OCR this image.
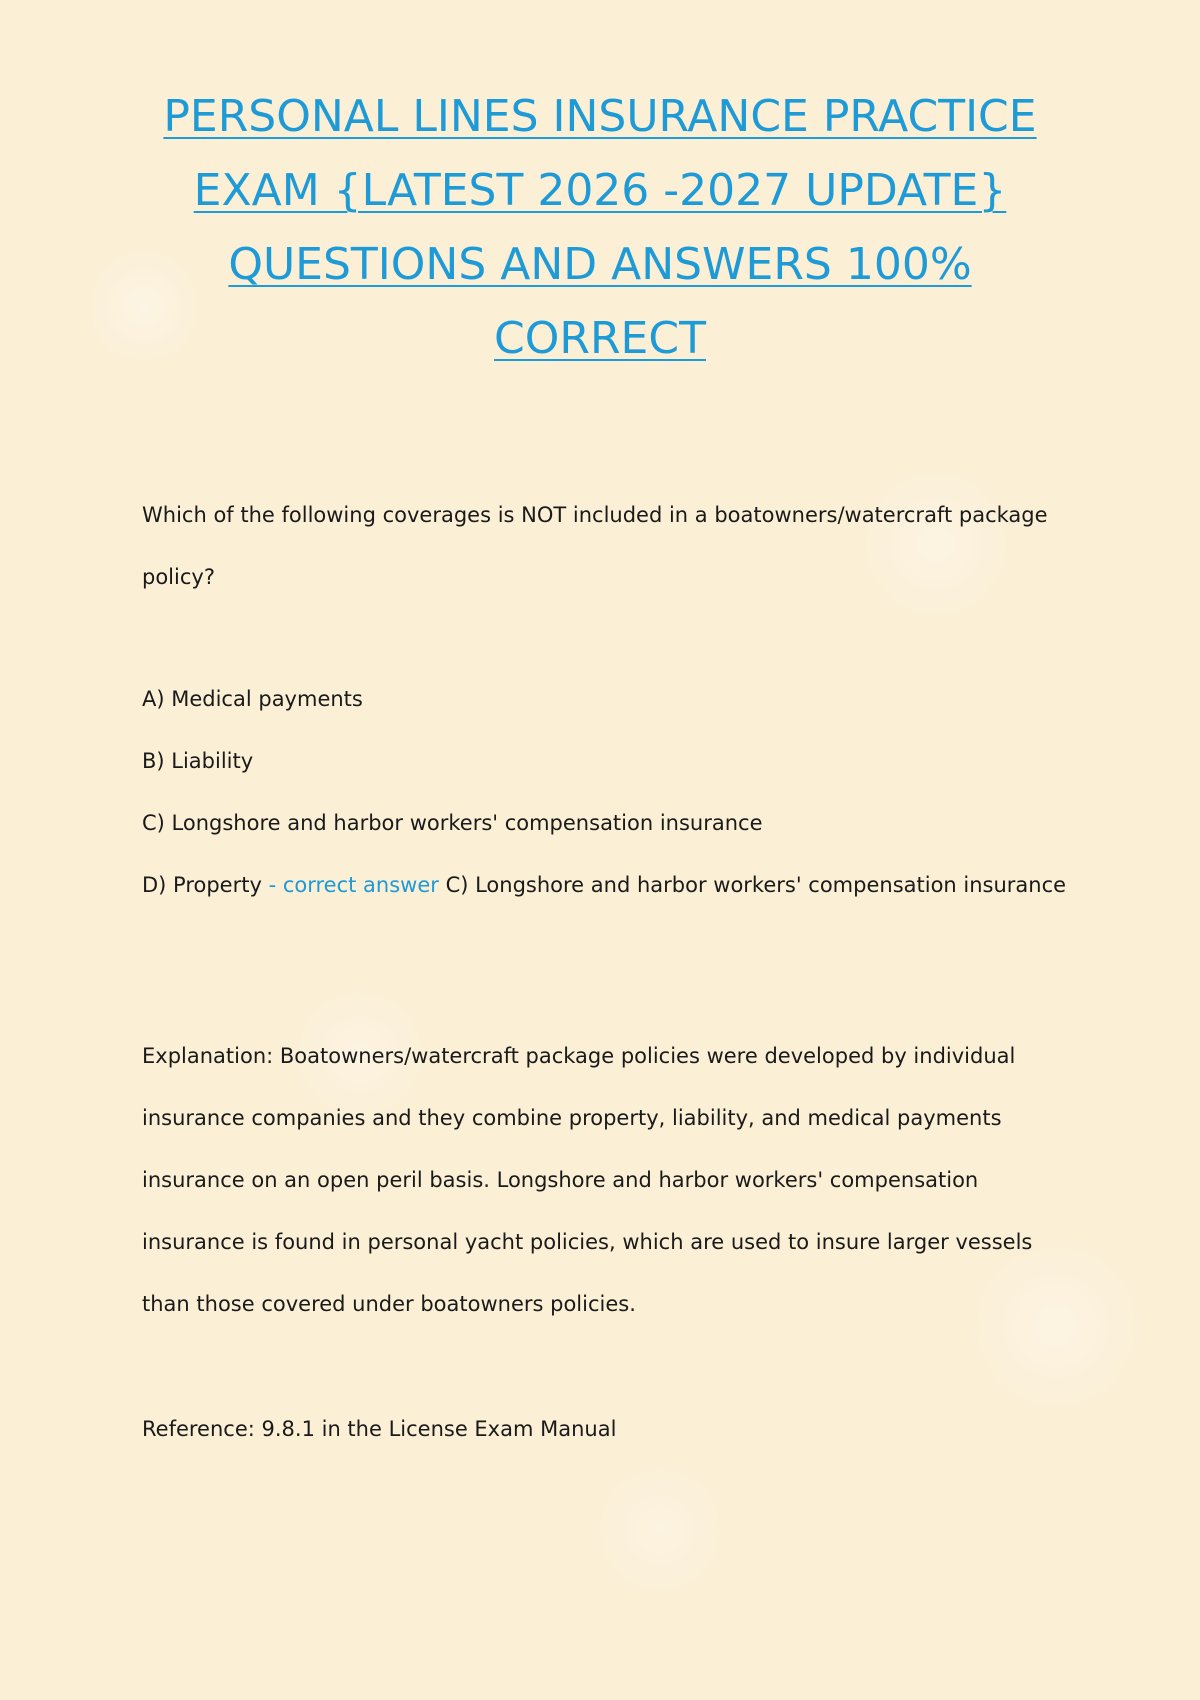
PERSONAL LINES INSURANCE PRACTICE
EXAM {LATEST 2026 -2027 UPDATE}
QUESTIONS AND ANSWERS 100%
CORRECT

Which of the following coverages is NOT included in a boatowners/watercraft package policy?

A) Medical payments
B) Liability
C) Longshore and harbor workers' compensation insurance
D) Property - correct answer C) Longshore and harbor workers' compensation insurance

Explanation: Boatowners/watercraft package policies were developed by individual insurance companies and they combine property, liability, and medical payments insurance on an open peril basis. Longshore and harbor workers' compensation insurance is found in personal yacht policies, which are used to insure larger vessels than those covered under boatowners policies.

Reference: 9.8.1 in the License Exam Manual
